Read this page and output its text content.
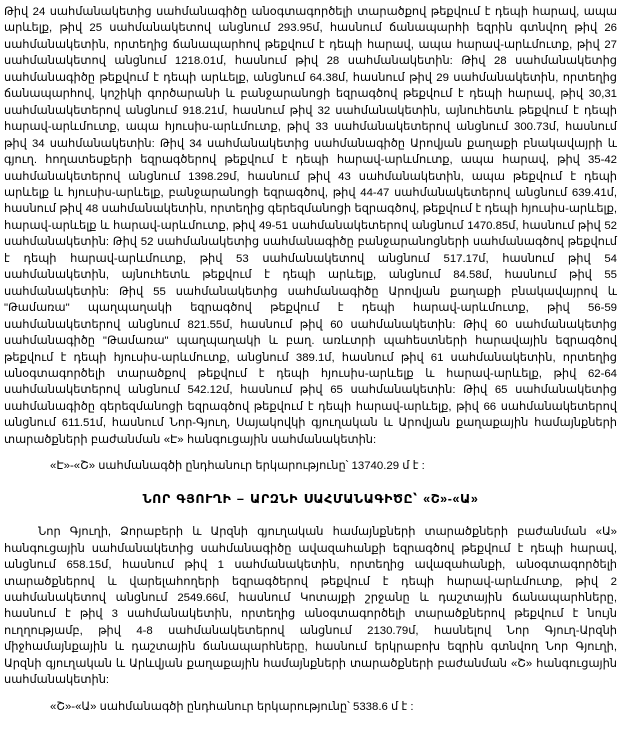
Թիվ 24 սահմանակետից սահմանագիծը անօգտագործելի տարածքով թեքվում է դեպի հարավ, ապա արևելք, թիվ 25 սահմանակետով անցնում 293.95մ, հասնում ճանապարհի եզրին գտնվող թիվ 26 սահմանակետին, որտեղից ճանապարհով թեքվում է դեպի հարավ, ապա հարավ-արևմուտք, թիվ 27 սահմանակետով անցնում 1218.01մ, հասնում թիվ 28 սահմանակետին: Թիվ 28 սահմանակետից սահմանագիծը թեքվում է դեպի արևելք, անցնում 64.38մ, հասնում թիվ 29 սահմանակետին, որտեղից ճանապարհով, կոշիկի գործարանի և բանջարանոցի եզրագծով թեքվում է դեպի հարավ, թիվ 30,31 սահմանակետերով անցնում 918.21մ, հասնում թիվ 32 սահմանակետին, այնուհետև թեքվում է դեպի հարավ-արևմուտք, ապա հյուսիս-արևմուտք, թիվ 33 սահմանակետերով անցնում 300.73մ, հասնում թիվ 34 սահմանակետին: Թիվ 34 սահմանակետից սահմանագիծը Արովյան քաղաքի բնակավայրի և գյուղ. հողատեսքերի եզրագծերով թեքվում է դեպի հարավ-արևմուտք, ապա հարավ, թիվ 35-42 սահմանակետերով անցնում 1398.29մ, հասնում թիվ 43 սահմանակետին, ապա թեքվում է դեպի արևելք և հյուսիս-արևելք, բանջարանոցի եզրագծով, թիվ 44-47 սահմանակետերով անցնում 639.41մ, հասնում թիվ 48 սահմանակետին, որտեղից գերեզմանոցի եզրագծով, թեքվում է դեպի հյուսիս-արևելք, հարավ-արևելք և հարավ-արևմուտք, թիվ 49-51 սահմանակետերով անցնում 1470.85մ, հասնում թիվ 52 սահմանակետին: Թիվ 52 սահմանակետից սահմանագիծը բանջարանոցների սահմանագծով թեքվում է դեպի հարավ-արևմուտք, թիվ 53 սահմանակետով անցնում 517.17մ, հասնում թիվ 54 սահմանակետին, այնուհետև թեքվում է դեպի արևելք, անցնում 84.58մ, հասնում թիվ 55 սահմանակետին: Թիվ 55 սահմանակետից սահմանագիծը Արովյան քաղաքի բնակավայրով և "Թամառա" պաղպաղակի եզրագծով թեքվում է դեպի հարավ-արևմուտք, թիվ 56-59 սահմանակետերով անցնում 821.55մ, հասնում թիվ 60 սահմանակետին: Թիվ 60 սահմանակետից սահմանագիծը "Թամառա" պաղպաղակի և բաղ. առևտրի պահեստների հարավային եզրագծով թեքվում է դեպի հյուսիս-արևմուտք, անցնում 389.1մ, հասնում թիվ 61 սահմանակետին, որտեղից անօգտագործելի տարածքով թեքվում է դեպի հյուսիս-արևելք և հարավ-արևելք, թիվ 62-64 սահմանակետերով անցնում 542.12մ, հասնում թիվ 65 սահմանակետին: Թիվ 65 սահմանակետից սահմանագիծը գերեզմանոցի եզրագծով թեքվում է դեպի հարավ-արևելք, թիվ 66 սահմանակետերով անցնում 611.51մ, հասնում Նոր-Գյուղ, Սայակովկի գյուղական և Արովյան քաղաքային համայնքների տարածքների բաժանման «Է» հանգուցային սահմանակետին:

«Է»-«Շ» սահմանագծի ընդհանուր երկարությունը՝ 13740.29 մ է :

ՆՈՐ ԳՅՈՒՂԻ – ԱՐԶՆԻ ՍԱՀՄԱՆԱԳԻԾԸ՝ «Շ»-«Ա»

Նոր Գյուղի, Ձորաբերի և Արզնի գյուղական համայնքների տարածքների բաժանման «Ա» հանգուցային սահմանակետից սահմանագիծը ավազահանքի եզրագծով թեքվում է դեպի հարավ, անցնում 658.15մ, հասնում թիվ 1 սահմանակետին, որտեղից ավազահանքի, անօգտագործելի տարածքներով և վարելահողերի եզրագծերով թեքվում է դեպի հարավ-արևմուտք, թիվ 2 սահմանակետով անցնում 2549.66մ, հասնում Կոտայքի շրջանը և դաշտային ճանապարհները, հասնում է թիվ 3 սահմանակետին, որտեղից անօգտագործելի տարածքներով թեքվում է նույն ուղղությամբ, թիվ 4-8 սահմանակետերով անցնում 2130.79մ, հասնելով Նոր Գյուղ-Արզնի միջհամայնքային և դաշտային ճանապարհները, հասնում երկրաբոխ եզրին գտնվող Նոր Գյուղի, Արզնի գյուղական և Արևվյան քաղաքային համայնքների տարածքների բաժանման «Շ» հանգուցային սահմանակետին:

«Շ»-«Ա» սահմանագծի ընդհանուր երկարությունը՝ 5338.6 մ է :
